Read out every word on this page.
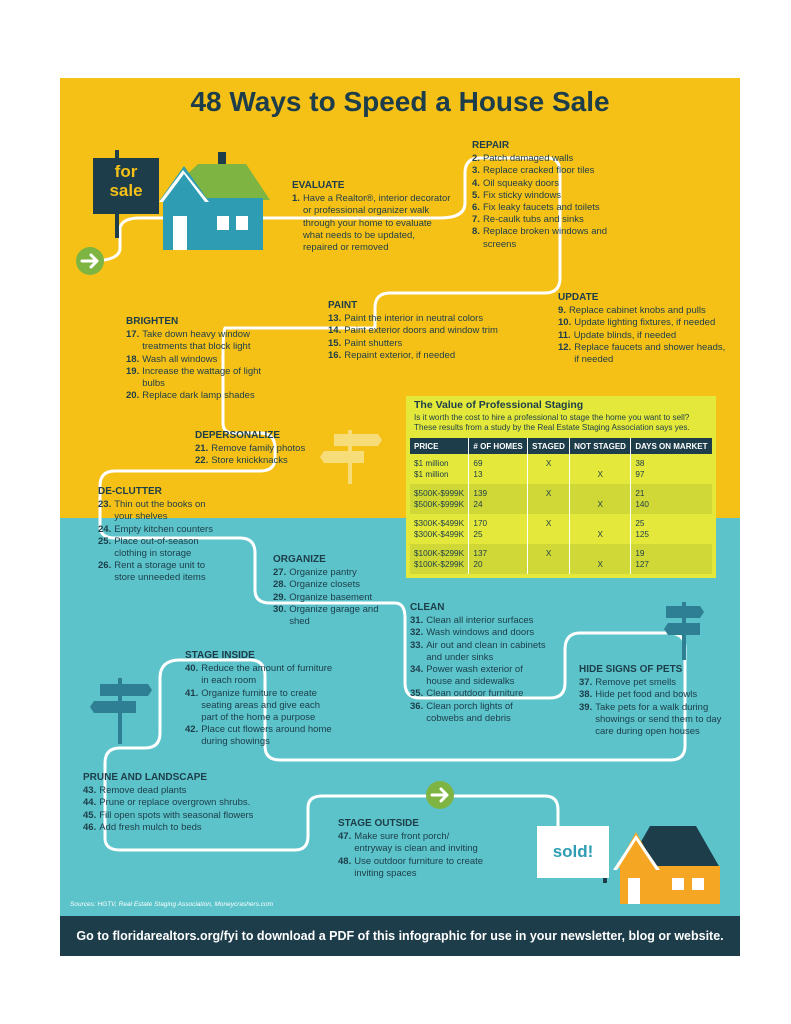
48 Ways to Speed a House Sale
for sale
sold!
EVALUATE
1. Have a Realtor®, interior decorator or professional organizer walk through your home to evaluate what needs to be updated, repaired or removed
REPAIR
2. Patch damaged walls
3. Replace cracked floor tiles
4. Oil squeaky doors
5. Fix sticky windows
6. Fix leaky faucets and toilets
7. Re-caulk tubs and sinks
8. Replace broken windows and screens
UPDATE
9. Replace cabinet knobs and pulls
10. Update lighting fixtures, if needed
11. Update blinds, if needed
12. Replace faucets and shower heads, if needed
PAINT
13. Paint the interior in neutral colors
14. Paint exterior doors and window trim
15. Paint shutters
16. Repaint exterior, if needed
BRIGHTEN
17. Take down heavy window treatments that block light
18. Wash all windows
19. Increase the wattage of light bulbs
20. Replace dark lamp shades
DEPERSONALIZE
21. Remove family photos
22. Store knickknacks
DE-CLUTTER
23. Thin out the books on your shelves
24. Empty kitchen counters
25. Place out-of-season clothing in storage
26. Rent a storage unit to store unneeded items
ORGANIZE
27. Organize pantry
28. Organize closets
29. Organize basement
30. Organize garage and shed
CLEAN
31. Clean all interior surfaces
32. Wash windows and doors
33. Air out and clean in cabinets and under sinks
34. Power wash exterior of house and sidewalks
35. Clean outdoor furniture
36. Clean porch lights of cobwebs and debris
HIDE SIGNS OF PETS
37. Remove pet smells
38. Hide pet food and bowls
39. Take pets for a walk during showings or send them to day care during open houses
STAGE INSIDE
40. Reduce the amount of furniture in each room
41. Organize furniture to create seating areas and give each part of the home a purpose
42. Place cut flowers around home during showings
PRUNE AND LANDSCAPE
43. Remove dead plants
44. Prune or replace overgrown shrubs.
45. Fill open spots with seasonal flowers
46. Add fresh mulch to beds	STAGE OUTSIDE
47. Make sure front porch/ entryway is clean and inviting
48. Use outdoor furniture to create inviting spaces
The Value of Professional Staging
Is it worth the cost to hire a professional to stage the home you want to sell? These results from a study by the Real Estate Staging Association says yes.
PRICE	# OF HOMES	STAGED	NOT STAGED	DAYS ON MARKET
$1 million	69	X		38
$1 million	13		X	97
$500K-$999K	139	X		21
$500K-$999K	24		X	140
$300K-$499K	170	X		25
$300K-$499K	25		X	125
$100K-$299K	137	X		19
$100K-$299K	20		X	127
Sources: HGTV, Real Estate Staging Association, Moneycrashers.com
Go to floridarealtors.org/fyi to download a PDF of this infographic for use in your newsletter, blog or website.
